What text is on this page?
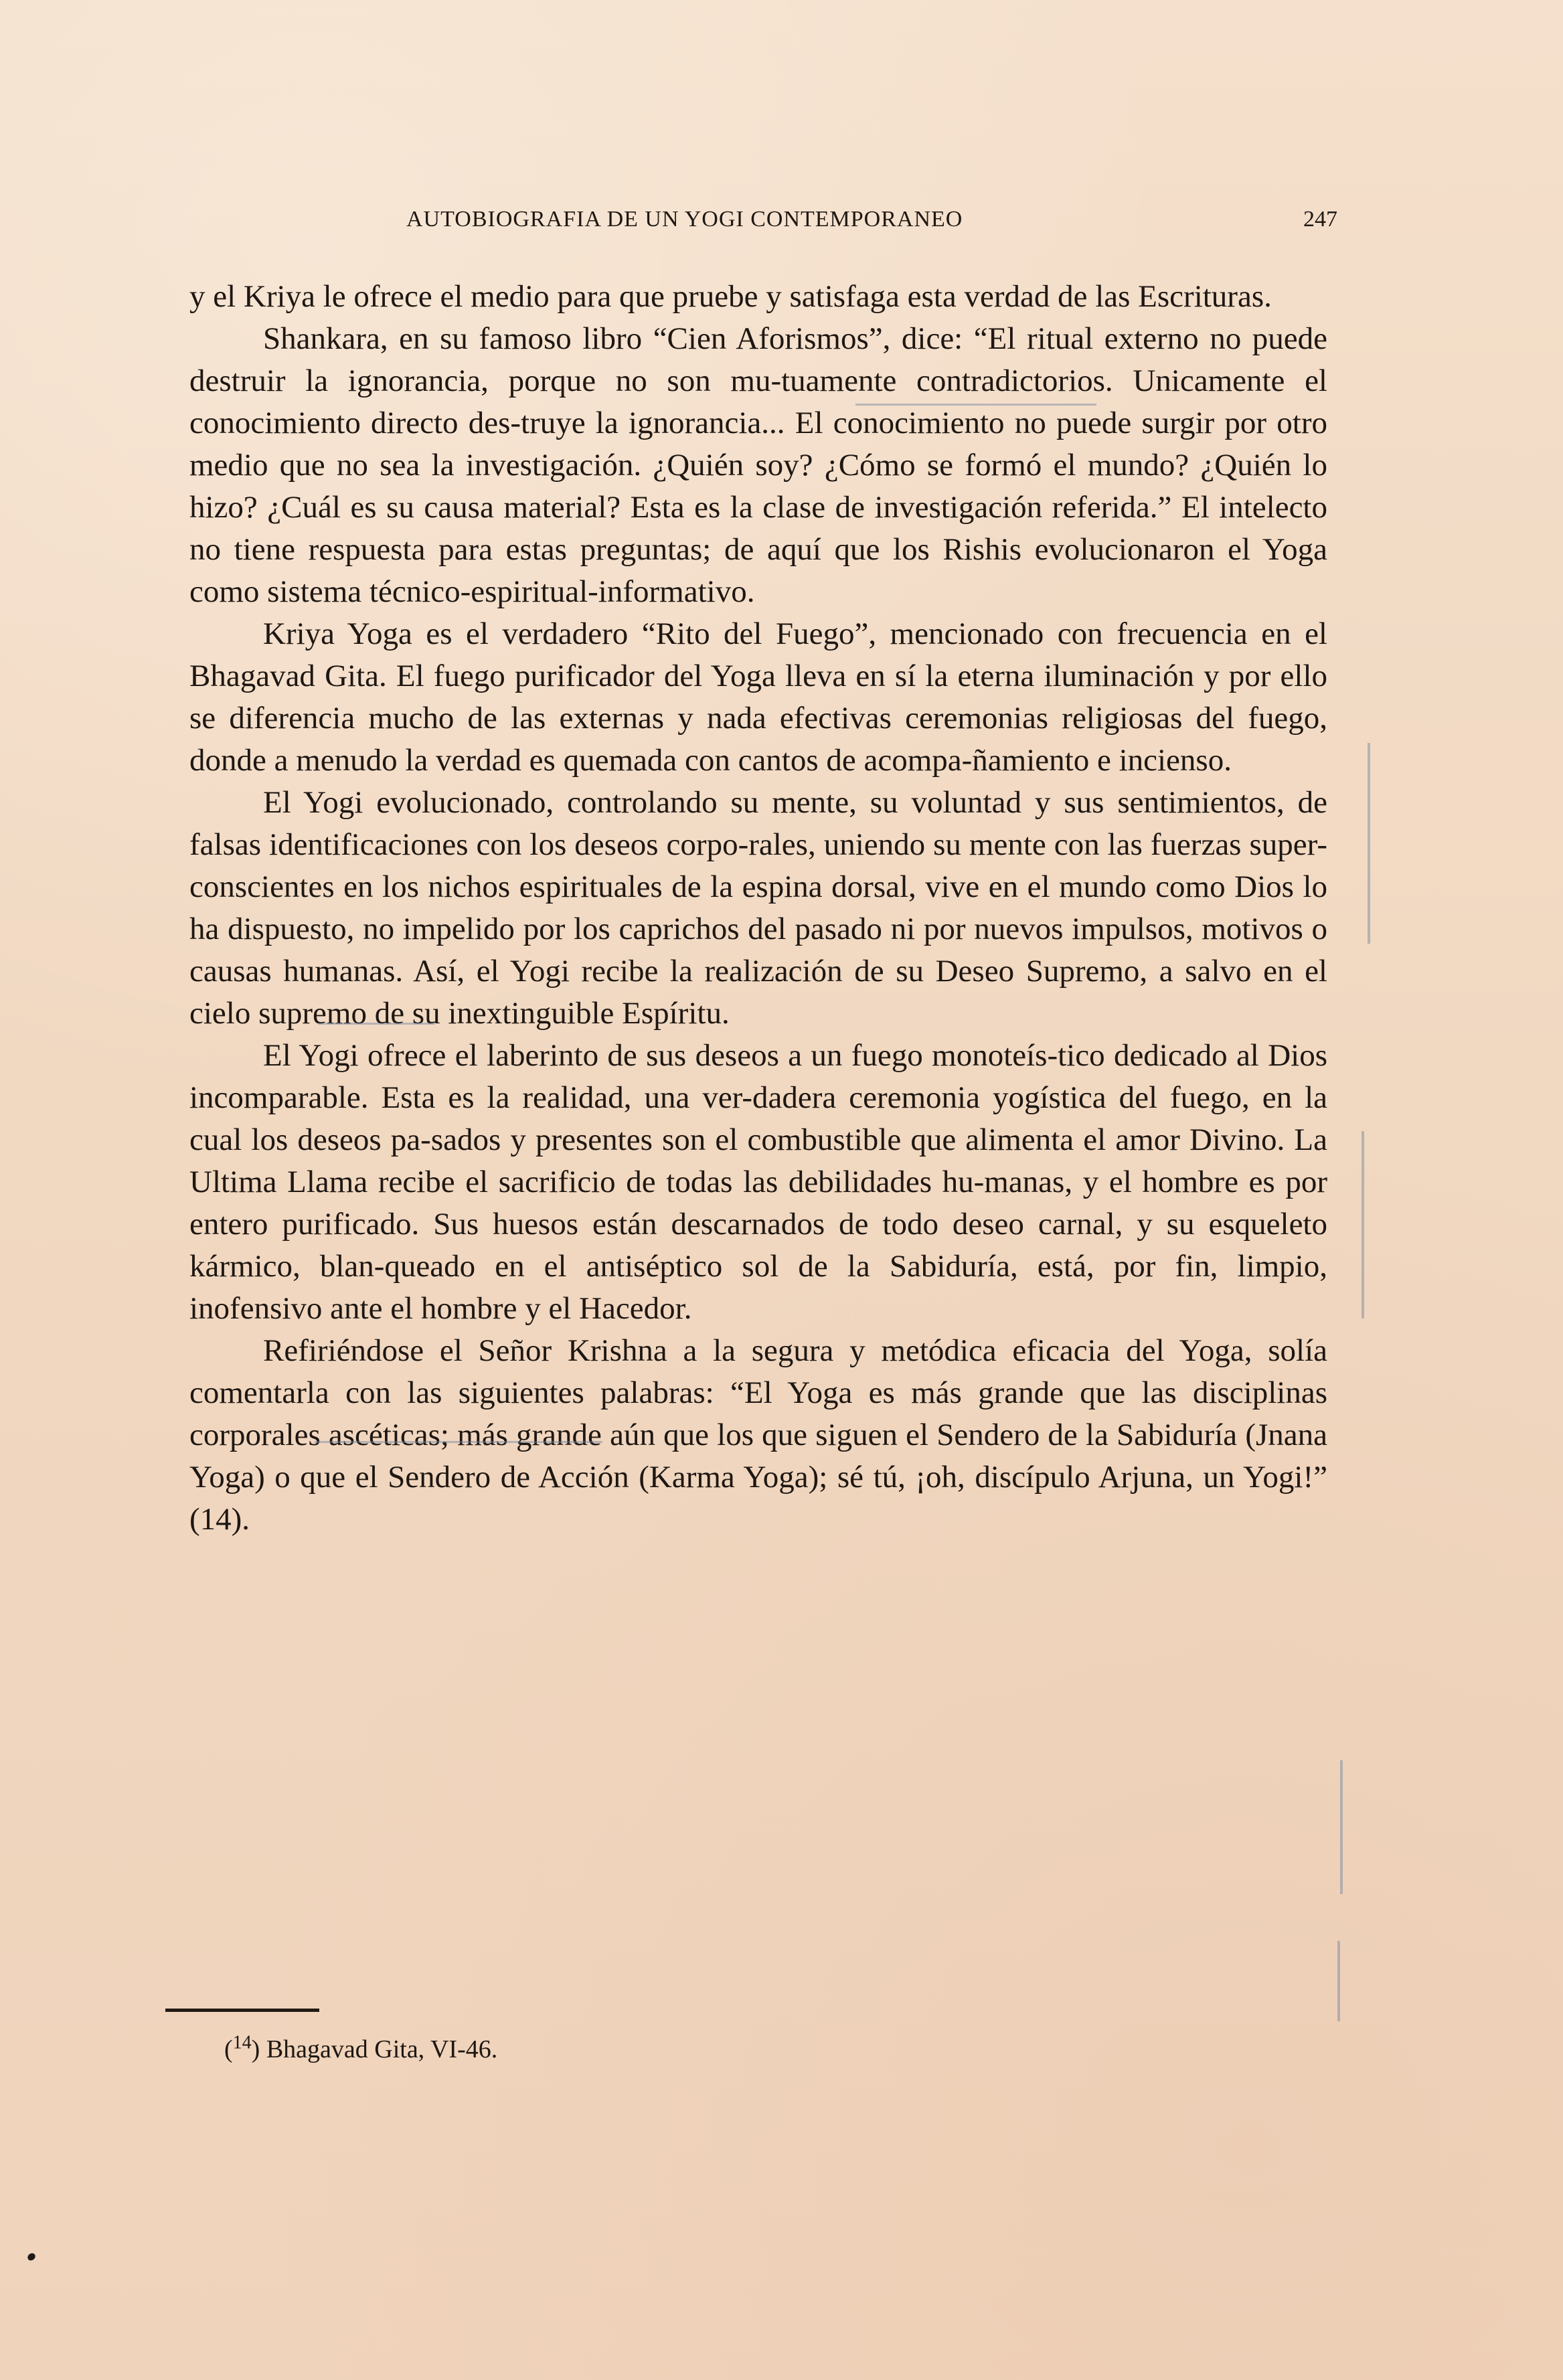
AUTOBIOGRAFIA DE UN YOGI CONTEMPORANEO	247

y el Kriya le ofrece el medio para que pruebe y satisfaga esta verdad de las Escrituras.

Shankara, en su famoso libro “Cien Aforismos”, dice: “El ritual externo no puede destruir la ignorancia, porque no son mu-tuamente contradictorios. Unicamente el conocimiento directo des-truye la ignorancia... El conocimiento no puede surgir por otro medio que no sea la investigación. ¿Quién soy? ¿Cómo se formó el mundo? ¿Quién lo hizo? ¿Cuál es su causa material? Esta es la clase de investigación referida.” El intelecto no tiene respuesta para estas preguntas; de aquí que los Rishis evolucionaron el Yoga como sistema técnico-espiritual-informativo.

Kriya Yoga es el verdadero “Rito del Fuego”, mencionado con frecuencia en el Bhagavad Gita. El fuego purificador del Yoga lleva en sí la eterna iluminación y por ello se diferencia mucho de las externas y nada efectivas ceremonias religiosas del fuego, donde a menudo la verdad es quemada con cantos de acompa-ñamiento e incienso.

El Yogi evolucionado, controlando su mente, su voluntad y sus sentimientos, de falsas identificaciones con los deseos corpo-rales, uniendo su mente con las fuerzas super-conscientes en los nichos espirituales de la espina dorsal, vive en el mundo como Dios lo ha dispuesto, no impelido por los caprichos del pasado ni por nuevos impulsos, motivos o causas humanas. Así, el Yogi recibe la realización de su Deseo Supremo, a salvo en el cielo supremo de su inextinguible Espíritu.

El Yogi ofrece el laberinto de sus deseos a un fuego monoteís-tico dedicado al Dios incomparable. Esta es la realidad, una ver-dadera ceremonia yogística del fuego, en la cual los deseos pa-sados y presentes son el combustible que alimenta el amor Divino. La Ultima Llama recibe el sacrificio de todas las debilidades hu-manas, y el hombre es por entero purificado. Sus huesos están descarnados de todo deseo carnal, y su esqueleto kármico, blan-queado en el antiséptico sol de la Sabiduría, está, por fin, limpio, inofensivo ante el hombre y el Hacedor.

Refiriéndose el Señor Krishna a la segura y metódica eficacia del Yoga, solía comentarla con las siguientes palabras: “El Yoga es más grande que las disciplinas corporales ascéticas; más grande aún que los que siguen el Sendero de la Sabiduría (Jnana Yoga) o que el Sendero de Acción (Karma Yoga); sé tú, ¡oh, discípulo Arjuna, un Yogi!” (14).

($^{14}$) Bhagavad Gita, VI-46.
